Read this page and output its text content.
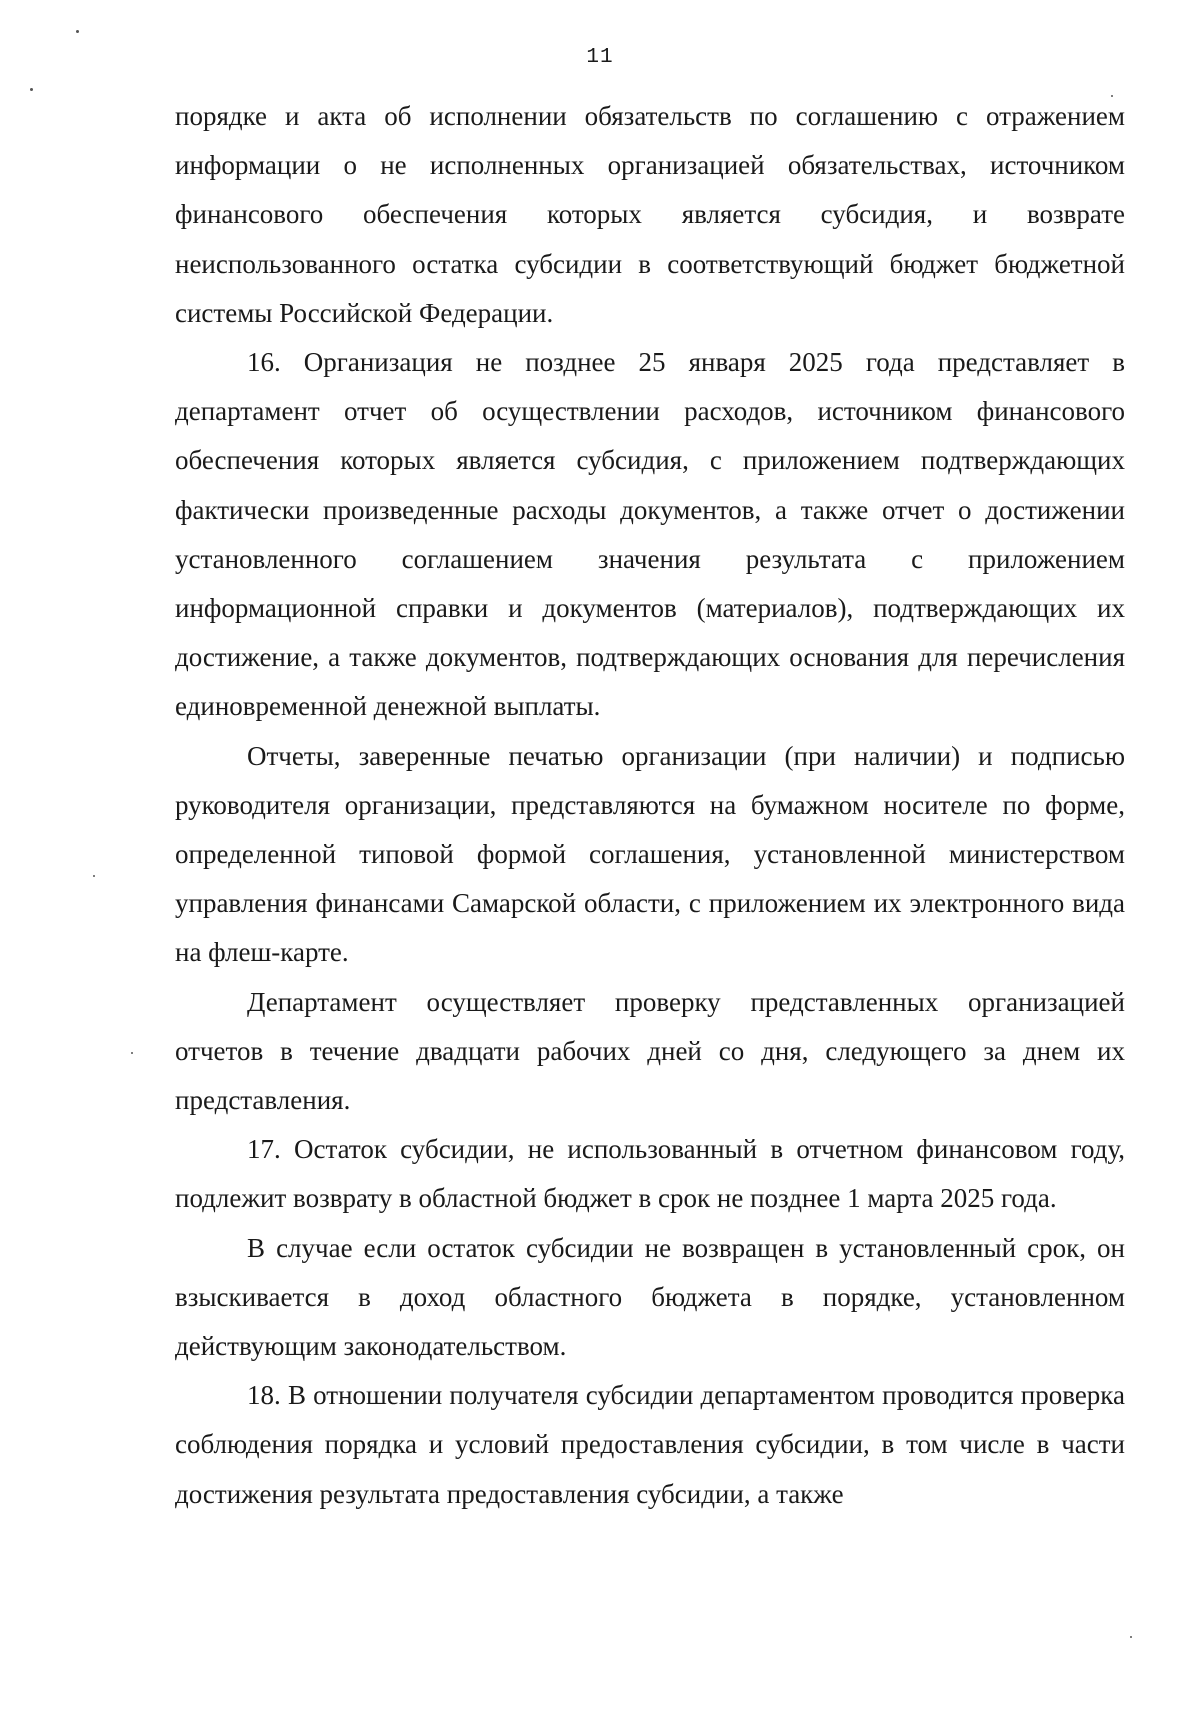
11

порядке и акта об исполнении обязательств по соглашению с отражением информации о не исполненных организацией обязательствах, источником финансового обеспечения которых является субсидия, и возврате неиспользованного остатка субсидии в соответствующий бюджет бюджетной системы Российской Федерации.

16. Организация не позднее 25 января 2025 года представляет в департамент отчет об осуществлении расходов, источником финансового обеспечения которых является субсидия, с приложением подтверждающих фактически произведенные расходы документов, а также отчет о достижении установленного соглашением значения результата с приложением информационной справки и документов (материалов), подтверждающих их достижение, а также документов, подтверждающих основания для перечисления единовременной денежной выплаты.

Отчеты, заверенные печатью организации (при наличии) и подписью руководителя организации, представляются на бумажном носителе по форме, определенной типовой формой соглашения, установленной министерством управления финансами Самарской области, с приложением их электронного вида на флеш-карте.

Департамент осуществляет проверку представленных организацией отчетов в течение двадцати рабочих дней со дня, следующего за днем их представления.

17. Остаток субсидии, не использованный в отчетном финансовом году, подлежит возврату в областной бюджет в срок не позднее 1 марта 2025 года.

В случае если остаток субсидии не возвращен в установленный срок, он взыскивается в доход областного бюджета в порядке, установленном действующим законодательством.

18. В отношении получателя субсидии департаментом проводится проверка соблюдения порядка и условий предоставления субсидии, в том числе в части достижения результата предоставления субсидии, а также
